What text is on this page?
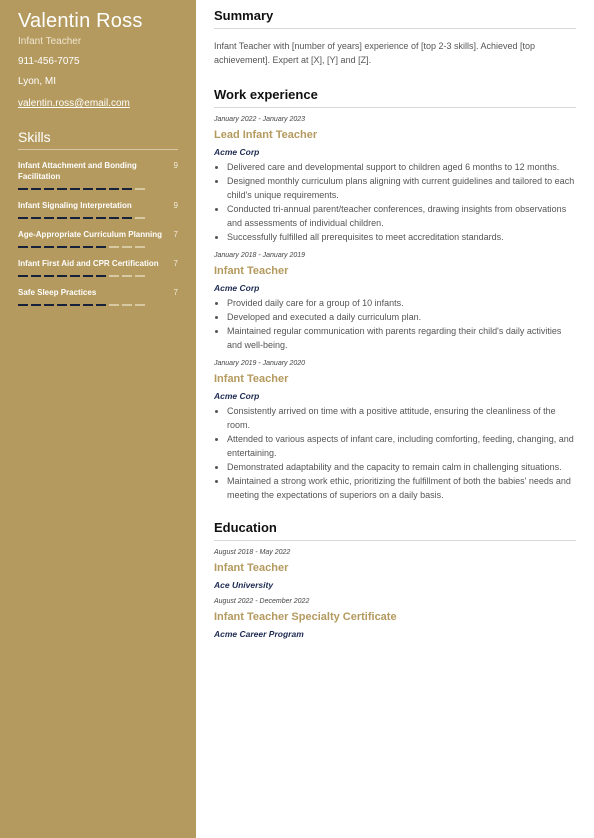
Valentin Ross
Infant Teacher
911-456-7075
Lyon, MI
valentin.ross@email.com
Skills
Infant Attachment and Bonding Facilitation
9
Infant Signaling Interpretation	9
Age-Appropriate Curriculum Planning 7
Infant First Aid and CPR Certification 7
Safe Sleep Practices	7
Summary
Infant Teacher with [number of years] experience of [top 2-3 skills]. Achieved [top achievement]. Expert at [X], [Y] and [Z].
Work experience
January 2022 - January 2023
Lead Infant Teacher
Acme Corp
• Delivered care and developmental support to children aged 6 months to 12 months.
• Designed monthly curriculum plans aligning with current guidelines and tailored to each child's unique requirements.
• Conducted tri-annual parent/teacher conferences, drawing insights from observations and assessments of individual children.
• Successfully fulfilled all prerequisites to meet accreditation standards.
January 2018 - January 2019
Infant Teacher
Acme Corp
• Provided daily care for a group of 10 infants.
• Developed and executed a daily curriculum plan.
• Maintained regular communication with parents regarding their child's daily activities and well-being.
January 2019 - January 2020
Infant Teacher
Acme Corp
• Consistently arrived on time with a positive attitude, ensuring the cleanliness of the room.
• Attended to various aspects of infant care, including comforting, feeding, changing, and entertaining.
• Demonstrated adaptability and the capacity to remain calm in challenging situations.
• Maintained a strong work ethic, prioritizing the fulfillment of both the babies' needs and meeting the expectations of superiors on a daily basis.
Education
August 2018 - May 2022
Infant Teacher
Ace University
August 2022 - December 2022
Infant Teacher Specialty Certificate
Acme Career Program
